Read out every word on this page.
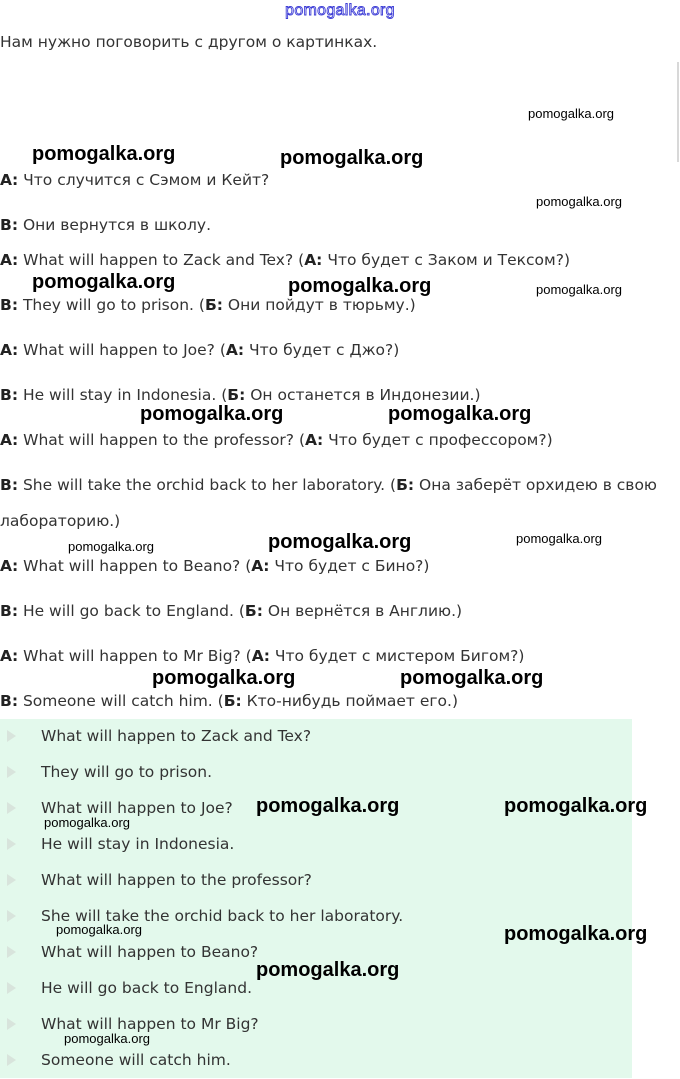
pomogalka.org
Нам нужно поговорить с другом о картинках.
А: Что случится с Сэмом и Кейт?
В: Они вернутся в школу.
А: What will happen to Zack and Tex? (А: Что будет с Заком и Тексом?)
В: They will go to prison. (Б: Они пойдут в тюрьму.)
А: What will happen to Joe? (А: Что будет с Джо?)
В: He will stay in Indonesia. (Б: Он останется в Индонезии.)
А: What will happen to the professor? (А: Что будет с профессором?)
В: She will take the orchid back to her laboratory. (Б: Она заберёт орхидею в свою
лабораторию.)
А: What will happen to Beano? (А: Что будет с Бино?)
В: He will go back to England. (Б: Он вернётся в Англию.)
А: What will happen to Mr Big? (А: Что будет с мистером Бигом?)
В: Someone will catch him. (Б: Кто-нибудь поймает его.)
What will happen to Zack and Tex?
They will go to prison.
What will happen to Joe?
He will stay in Indonesia.
What will happen to the professor?
She will take the orchid back to her laboratory.
What will happen to Beano?
He will go back to England.
What will happen to Mr Big?
Someone will catch him.
pomogalka.org
pomogalka.org	pomogalka.org
pomogalka.org
pomogalka.org	pomogalka.org	pomogalka.org
pomogalka.org	pomogalka.org
pomogalka.org	pomogalka.org	pomogalka.org
pomogalka.org	pomogalka.org
pomogalka.org	pomogalka.org
pomogalka.org
pomogalka.org	pomogalka.org
pomogalka.org
pomogalka.org
